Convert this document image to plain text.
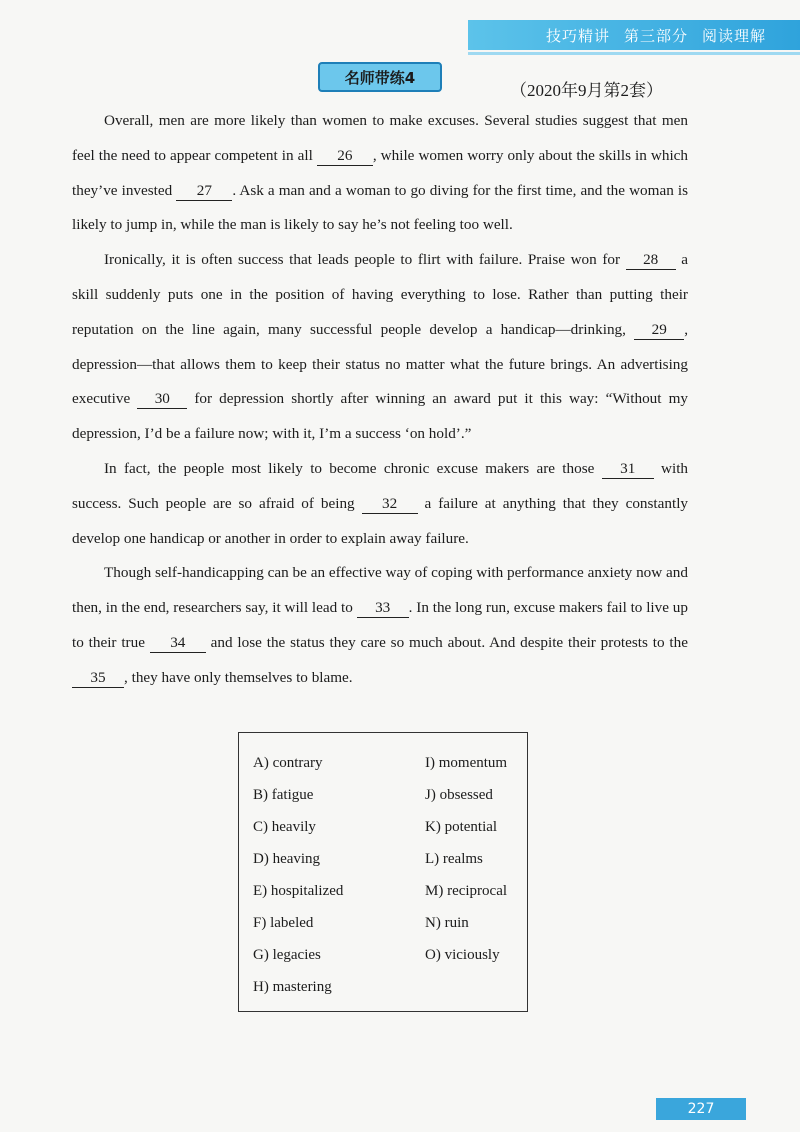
技巧精讲 第三部分 阅读理解
名师带练4
（2020年9月第2套）

Overall, men are more likely than women to make excuses. Several studies suggest that men feel the need to appear competent in all 26 , while women worry only about the skills in which they’ve invested 27 . Ask a man and a woman to go diving for the first time, and the woman is likely to jump in, while the man is likely to say he’s not feeling too well.

Ironically, it is often success that leads people to flirt with failure. Praise won for 28 a skill suddenly puts one in the position of having everything to lose. Rather than putting their reputation on the line again, many successful people develop a handicap—drinking, 29 , depression—that allows them to keep their status no matter what the future brings. An advertising executive 30 for depression shortly after winning an award put it this way: “Without my depression, I’d be a failure now; with it, I’m a success ‘on hold’.”

In fact, the people most likely to become chronic excuse makers are those 31 with success. Such people are so afraid of being 32 a failure at anything that they constantly develop one handicap or another in order to explain away failure.

Though self-handicapping can be an effective way of coping with performance anxiety now and then, in the end, researchers say, it will lead to 33 . In the long run, excuse makers fail to live up to their true 34 and lose the status they care so much about. And despite their protests to the 35 , they have only themselves to blame.

A) contrary
B) fatigue
C) heavily
D) heaving
E) hospitalized
F) labeled
G) legacies
H) mastering
I) momentum
J) obsessed
K) potential
L) realms
M) reciprocal
N) ruin
O) viciously
227
